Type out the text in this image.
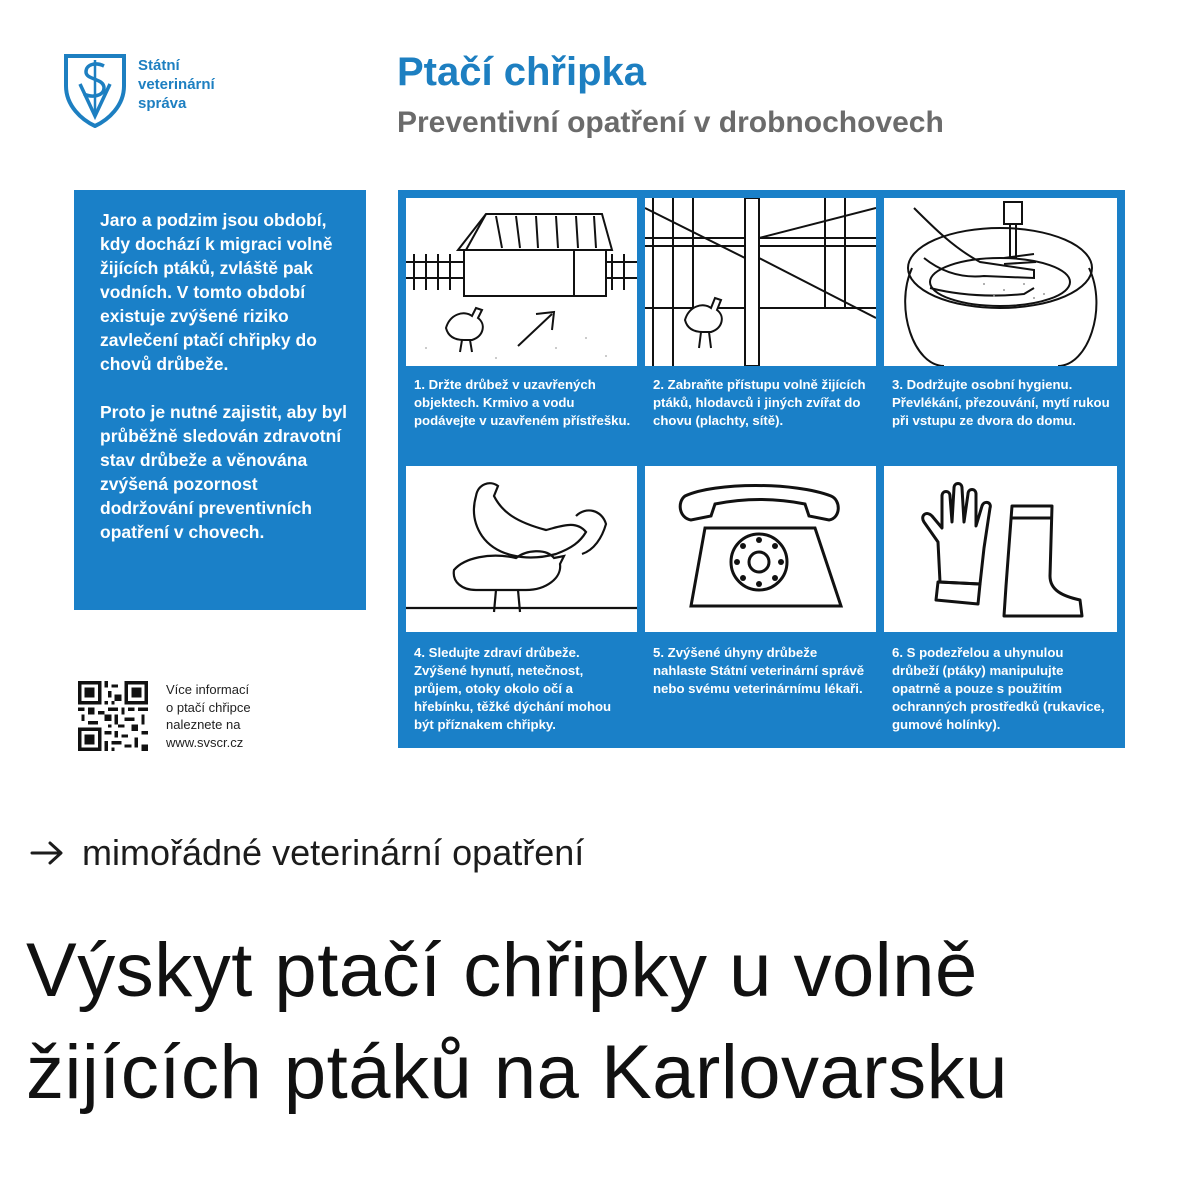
Státní
veterinární
správa
Ptačí chřipka
Preventivní opatření v drobnochovech

Jaro a podzim jsou období, kdy dochází k migraci volně žijících ptáků, zvláště pak vodních. V tomto období existuje zvýšené riziko zavlečení ptačí chřipky do chovů drůbeže.

Proto je nutné zajistit, aby byl průběžně sledován zdravotní stav drůbeže a věnována zvýšená pozornost dodržování preventivních opatření v chovech.

Více informací
o ptačí chřipce
naleznete na
www.svscr.cz
1. Držte drůbež v uzavřených objektech. Krmivo a vodu podávejte v uzavřeném přístřešku.
2. Zabraňte přístupu volně žijících ptáků, hlodavců i jiných zvířat do chovu (plachty, sítě).
3. Dodržujte osobní hygienu. Převlékání, přezouvání, mytí rukou při vstupu ze dvora do domu.
4. Sledujte zdraví drůbeže. Zvýšené hynutí, netečnost, průjem, otoky okolo očí a hřebínku, těžké dýchání mohou být příznakem chřipky.
5. Zvýšené úhyny drůbeže nahlaste Státní veterinární správě nebo svému veterinárnímu lékaři.
6. S podezřelou a uhynulou drůbeží (ptáky) manipulujte opatrně a pouze s použitím ochranných prostředků (rukavice, gumové holínky).
mimořádné veterinární opatření
Výskyt ptačí chřipky u volně žijících ptáků na Karlovarsku
